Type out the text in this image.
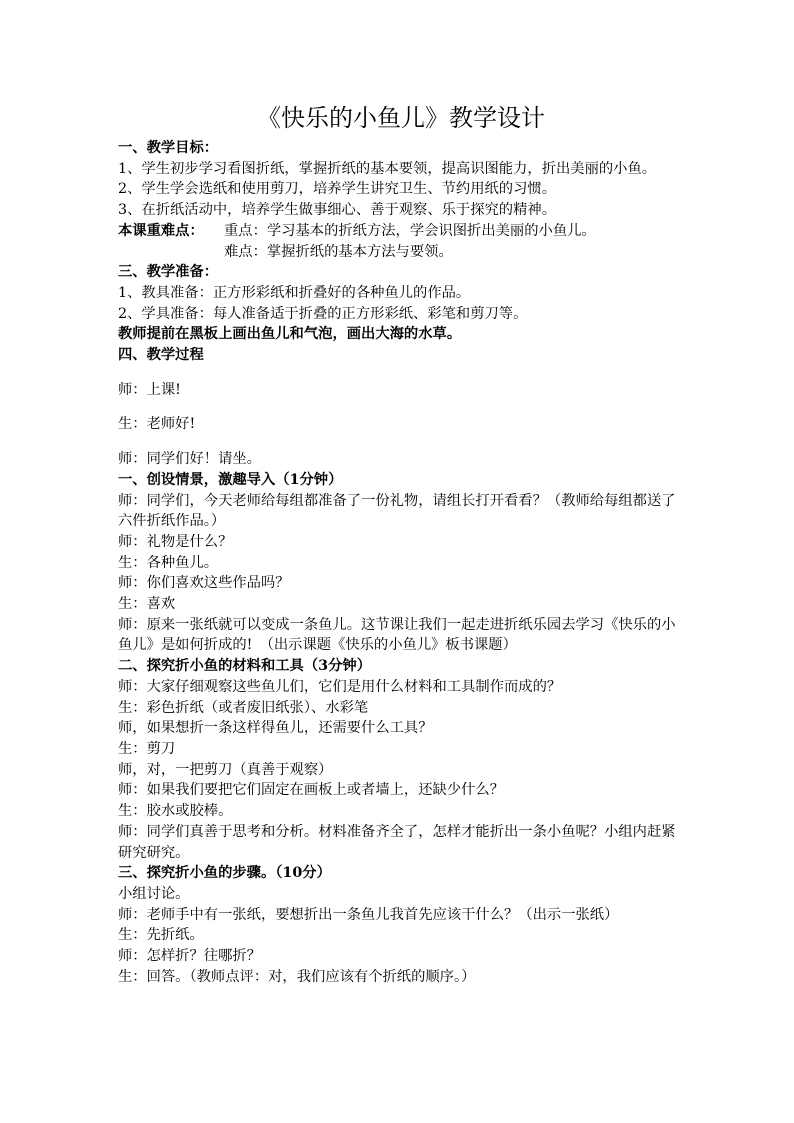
《快乐的小鱼儿》教学设计
一、教学目标：
1、学生初步学习看图折纸，掌握折纸的基本要领，提高识图能力，折出美丽的小鱼。
2、学生学会选纸和使用剪刀，培养学生讲究卫生、节约用纸的习惯。
3、在折纸活动中，培养学生做事细心、善于观察、乐于探究的精神。
本课重难点： 重点：学习基本的折纸方法，学会识图折出美丽的小鱼儿。
难点：掌握折纸的基本方法与要领。
三、教学准备：
1、教具准备：正方形彩纸和折叠好的各种鱼儿的作品。
2、学具准备：每人准备适于折叠的正方形彩纸、彩笔和剪刀等。
教师提前在黑板上画出鱼儿和气泡，画出大海的水草。
四、教学过程
师：上课!
生：老师好!
师：同学们好！请坐。
一、创设情景，激趣导入（1分钟）
师：同学们，今天老师给每组都准备了一份礼物，请组长打开看看？（教师给每组都送了六件折纸作品。）
师：礼物是什么？
生：各种鱼儿。
师：你们喜欢这些作品吗？
生：喜欢
师：原来一张纸就可以变成一条鱼儿。这节课让我们一起走进折纸乐园去学习《快乐的小鱼儿》是如何折成的!　（出示课题《快乐的小鱼儿》板书课题）
二、探究折小鱼的材料和工具（3分钟）
师：大家仔细观察这些鱼儿们，它们是用什么材料和工具制作而成的？
生：彩色折纸（或者废旧纸张）、水彩笔
师，如果想折一条这样得鱼儿，还需要什么工具？
生：剪刀
师，对，一把剪刀（真善于观察）
师：如果我们要把它们固定在画板上或者墙上，还缺少什么？
生：胶水或胶棒。
师：同学们真善于思考和分析。材料准备齐全了，怎样才能折出一条小鱼呢？小组内赶紧研究研究。
三、探究折小鱼的步骤。（10分）
小组讨论。
师：老师手中有一张纸，要想折出一条鱼儿我首先应该干什么？（出示一张纸）
生：先折纸。
师：怎样折？往哪折？
生：回答。（教师点评：对，我们应该有个折纸的顺序。）
